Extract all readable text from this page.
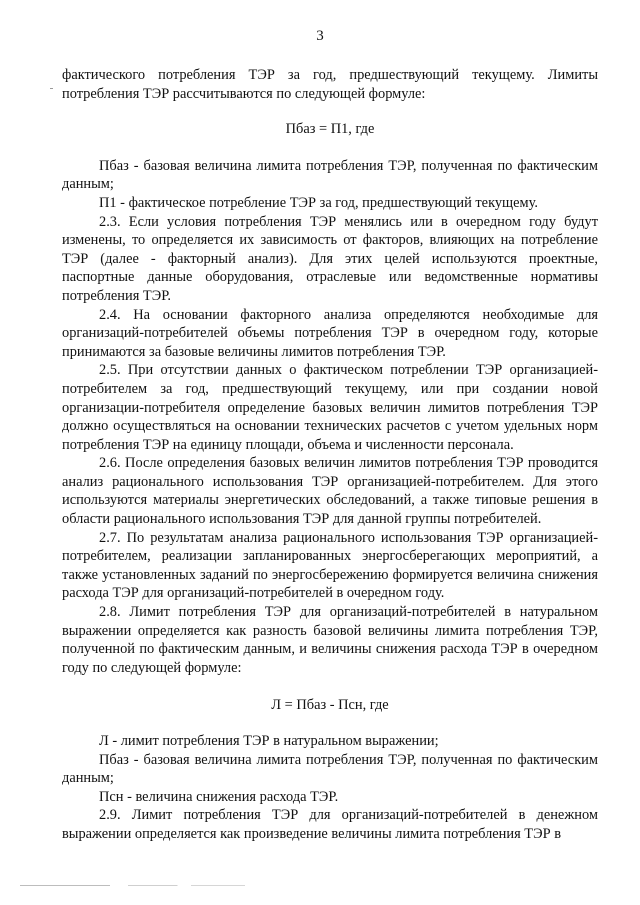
3

фактического потребления ТЭР за год, предшествующий текущему. Лимиты потребления ТЭР рассчитываются по следующей формуле:

Пбаз = П1, где

Пбаз - базовая величина лимита потребления ТЭР, полученная по фактическим данным;

П1 - фактическое потребление ТЭР за год, предшествующий текущему.

2.3. Если условия потребления ТЭР менялись или в очередном году будут изменены, то определяется их зависимость от факторов, влияющих на потребление ТЭР (далее - факторный анализ). Для этих целей используются проектные, паспортные данные оборудования, отраслевые или ведомственные нормативы потребления ТЭР.

2.4. На основании факторного анализа определяются необходимые для организаций-потребителей объемы потребления ТЭР в очередном году, которые принимаются за базовые величины лимитов потребления ТЭР.

2.5. При отсутствии данных о фактическом потреблении ТЭР организацией-потребителем за год, предшествующий текущему, или при создании новой организации-потребителя определение базовых величин лимитов потребления ТЭР должно осуществляться на основании технических расчетов с учетом удельных норм потребления ТЭР на единицу площади, объема и численности персонала.

2.6. После определения базовых величин лимитов потребления ТЭР проводится анализ рационального использования ТЭР организацией-потребителем. Для этого используются материалы энергетических обследований, а также типовые решения в области рационального использования ТЭР для данной группы потребителей.

2.7. По результатам анализа рационального использования ТЭР организацией-потребителем, реализации запланированных энергосберегающих мероприятий, а также установленных заданий по энергосбережению формируется величина снижения расхода ТЭР для организаций-потребителей в очередном году.

2.8. Лимит потребления ТЭР для организаций-потребителей в натуральном выражении определяется как разность базовой величины лимита потребления ТЭР, полученной по фактическим данным, и величины снижения расхода ТЭР в очередном году по следующей формуле:

Л = Пбаз - Псн, где

Л - лимит потребления ТЭР в натуральном выражении;

Пбаз - базовая величина лимита потребления ТЭР, полученная по фактическим данным;

Псн - величина снижения расхода ТЭР.

2.9. Лимит потребления ТЭР для организаций-потребителей в денежном выражении определяется как произведение величины лимита потребления ТЭР в
